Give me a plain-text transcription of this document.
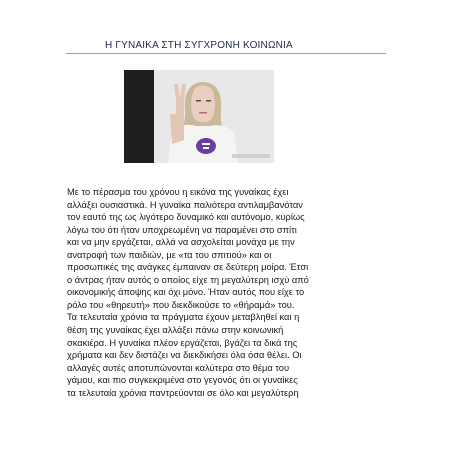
Η ΓΥΝΑΙΚΑ ΣΤΗ ΣΥΓΧΡΟΝΗ ΚΟΙΝΩΝΙΑ
Με το πέρασμα του χρόνου η εικόνα της γυναίκας έχει
αλλάξει ουσιαστικά. Η γυναίκα παλιότερα αντιλαμβανόταν
τον εαυτό της ως λιγότερο δυναμικό και αυτόνομο, κυρίως
λόγω του ότι ήταν υποχρεωμένη να παραμένει στο σπίτι
και να μην εργάζεται, αλλά να ασχολείται μονάχα με την
ανατροφή των παιδιών, με «τα του σπιτιού» και οι
προσωπικές της ανάγκες έμπαιναν σε δεύτερη μοίρα. Έτσι
ο άντρας ήταν αυτός ο οποίος είχε τη μεγαλύτερη ισχύ από
οικονομικής άποψης και όχι μόνο. Ήταν αυτός που είχε το
ρόλο του «θηρευτή» που διεκδικούσε το «θήραμά» του.
Τα τελευταία χρόνια τα πράγματα έχουν μεταβληθεί και η
θέση της γυναίκας έχει αλλάξει πάνω στην κοινωνική
σκακιέρα. Η γυναίκα πλέον εργάζεται, βγάζει τα δικά της
χρήματα και δεν διστάζει να διεκδικήσει όλα όσα θέλει. Οι
αλλαγές αυτές αποτυπώνονται καλύτερα στο θέμα του
γάμου, και πιο συγκεκριμένα στο γεγονός ότι οι γυναίκες
τα τελευταία χρόνια παντρεύονται σε όλο και μεγαλύτερη
